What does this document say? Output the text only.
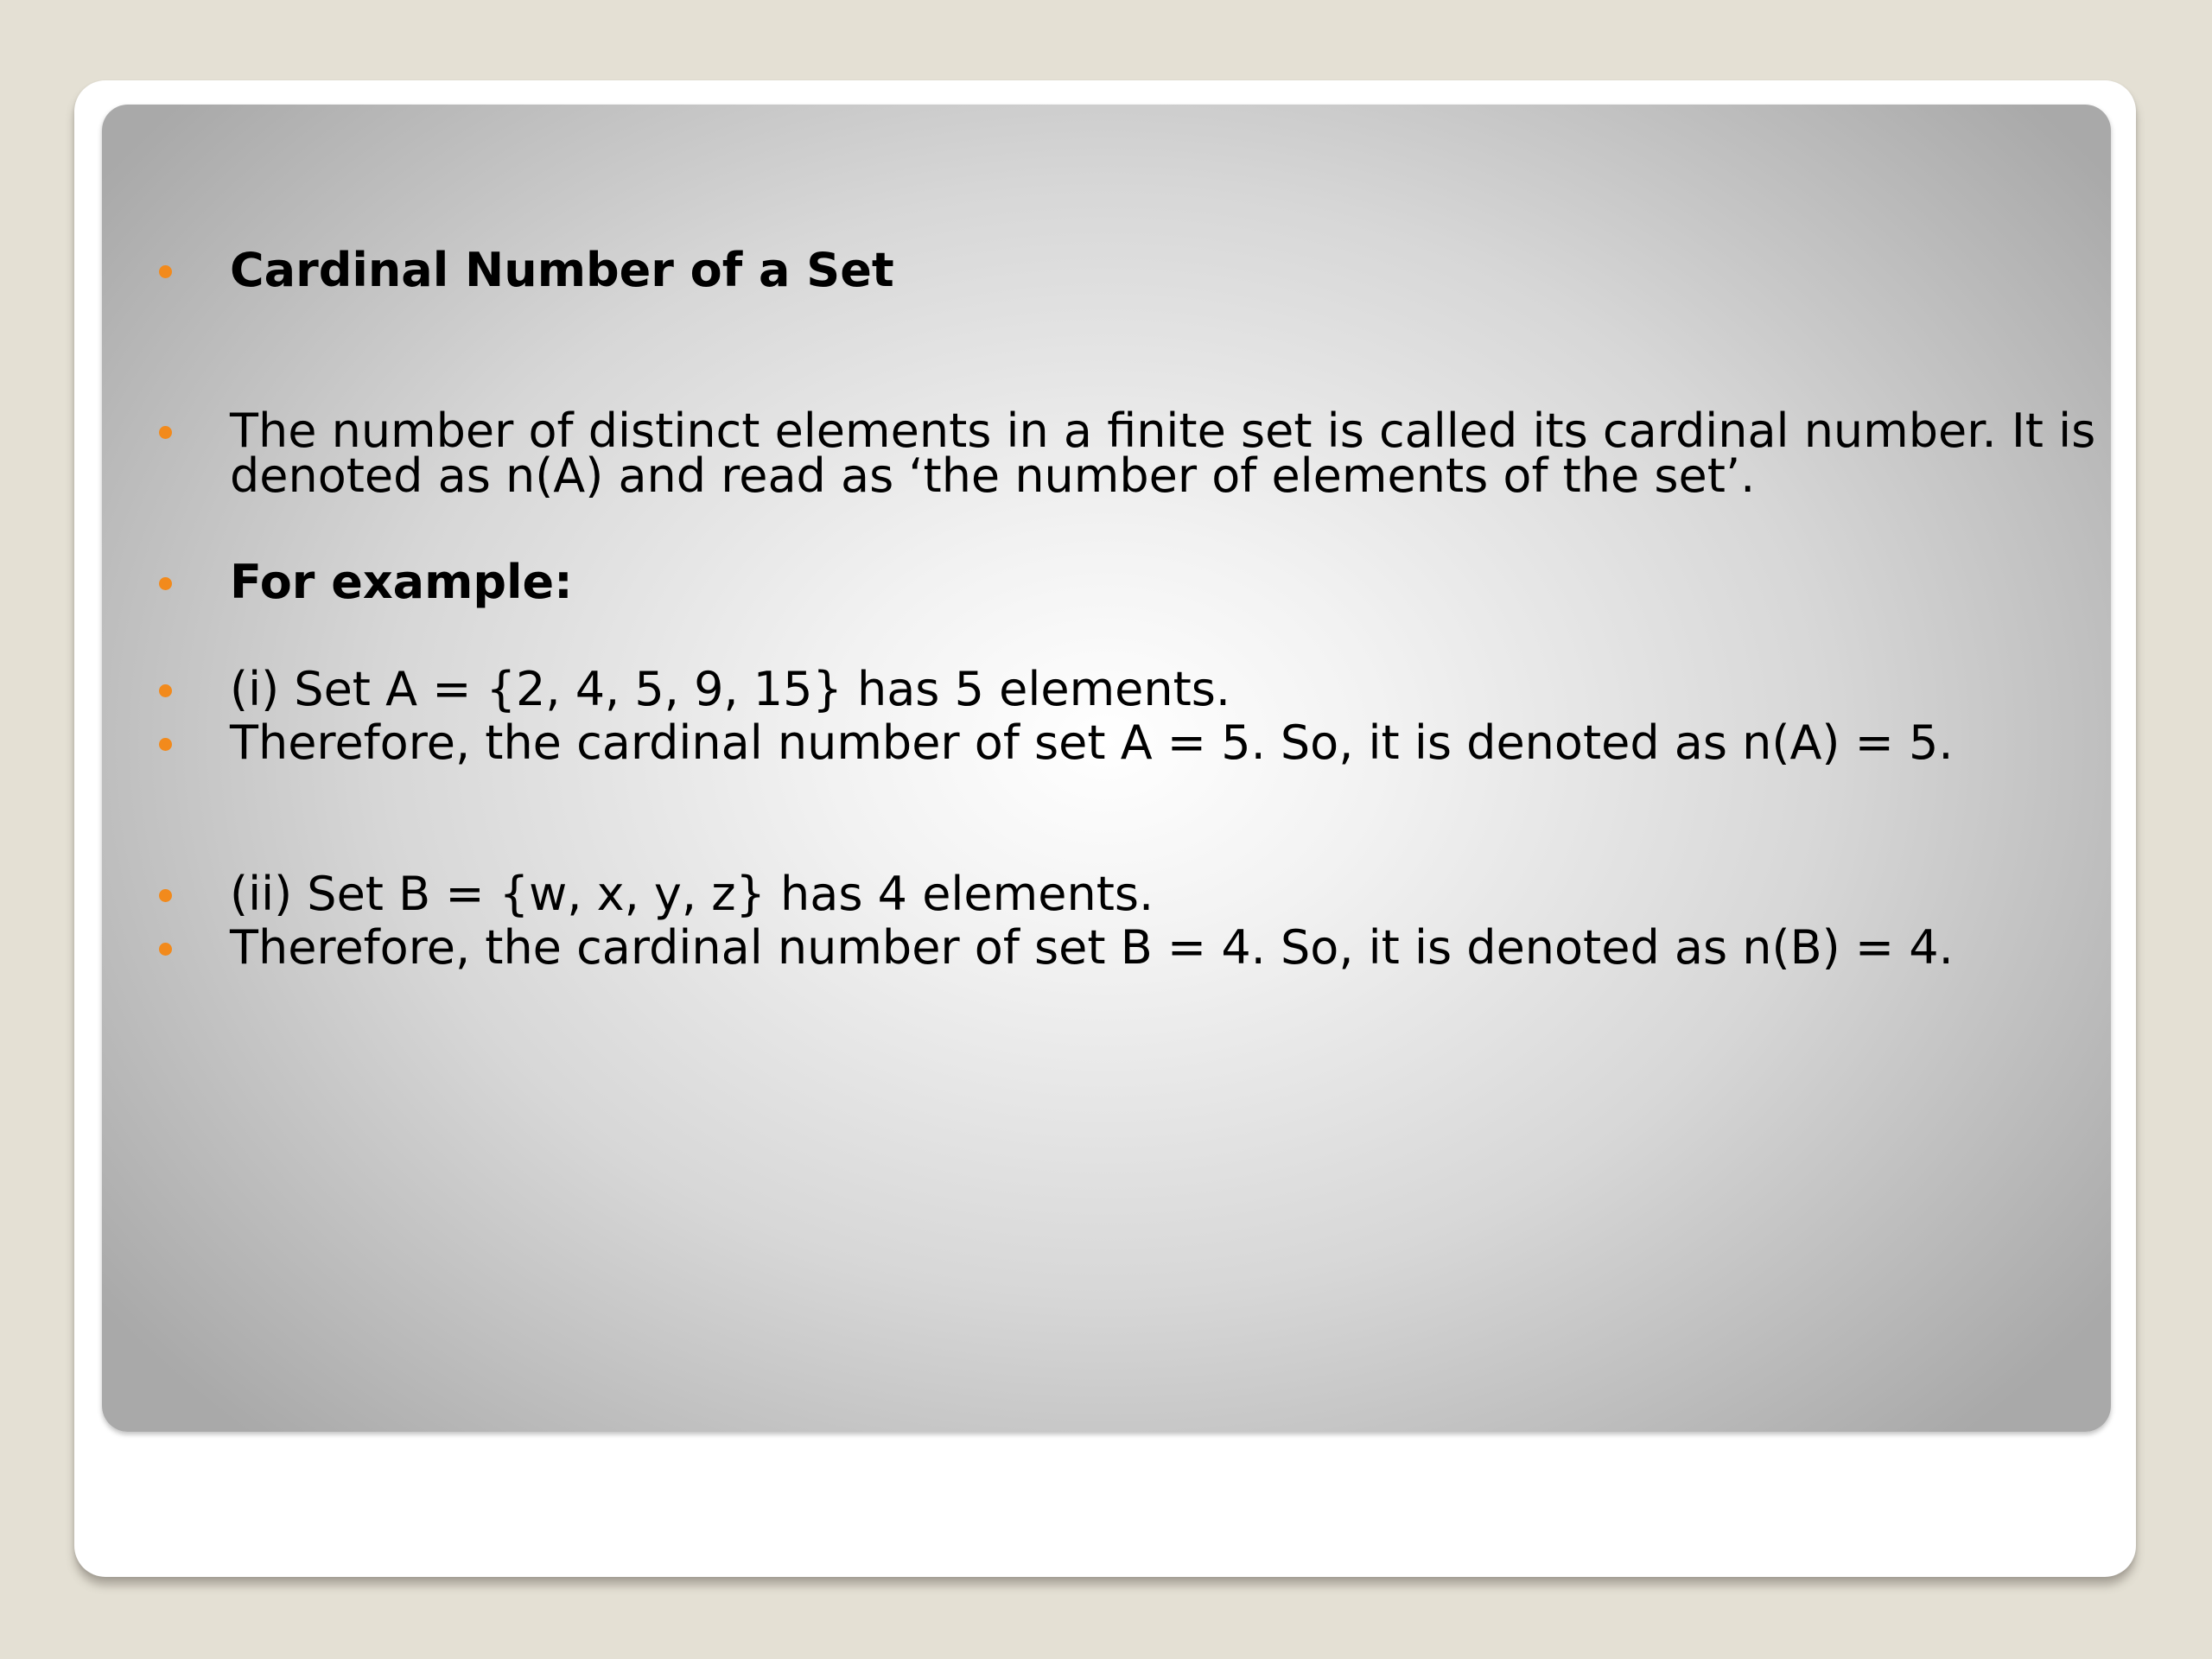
Cardinal Number of a Set
The number of distinct elements in a finite set is called its cardinal number. It is denoted as n(A) and read as ‘the number of elements of the set’.
For example:
(i) Set A = {2, 4, 5, 9, 15} has 5 elements.
Therefore, the cardinal number of set A = 5. So, it is denoted as n(A) = 5.
(ii) Set B = {w, x, y, z} has 4 elements.
Therefore, the cardinal number of set B = 4. So, it is denoted as n(B) = 4.
